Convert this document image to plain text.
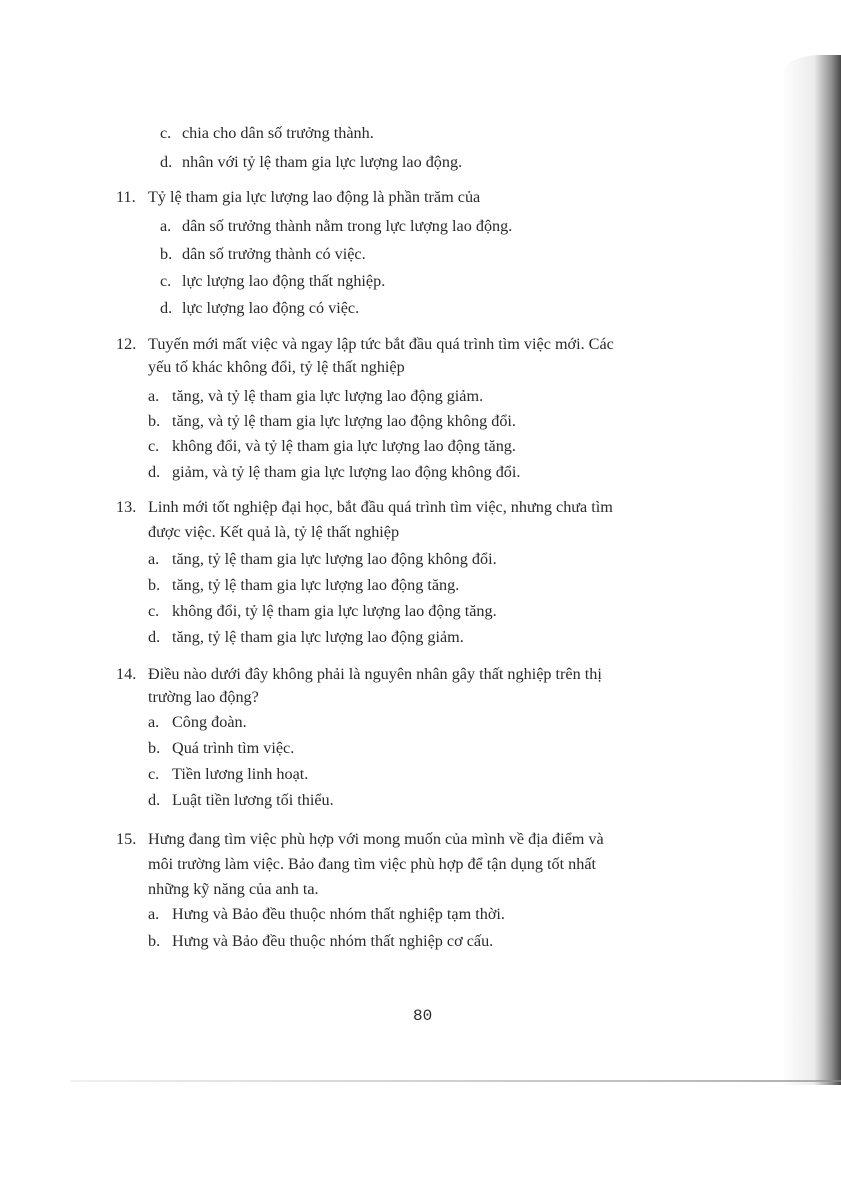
c. chia cho dân số trưởng thành.
d. nhân với tỷ lệ tham gia lực lượng lao động.
11. Tỷ lệ tham gia lực lượng lao động là phần trăm của
a. dân số trưởng thành nằm trong lực lượng lao động.
b. dân số trưởng thành có việc.
c. lực lượng lao động thất nghiệp.
d. lực lượng lao động có việc.
12. Tuyến mới mất việc và ngay lập tức bắt đầu quá trình tìm việc mới. Các
yếu tố khác không đổi, tỷ lệ thất nghiệp
a. tăng, và tỷ lệ tham gia lực lượng lao động giảm.
b. tăng, và tỷ lệ tham gia lực lượng lao động không đổi.
c. không đổi, và tỷ lệ tham gia lực lượng lao động tăng.
d. giảm, và tỷ lệ tham gia lực lượng lao động không đổi.
13. Linh mới tốt nghiệp đại học, bắt đầu quá trình tìm việc, nhưng chưa tìm
được việc. Kết quả là, tỷ lệ thất nghiệp
a. tăng, tỷ lệ tham gia lực lượng lao động không đổi.
b. tăng, tỷ lệ tham gia lực lượng lao động tăng.
c. không đổi, tỷ lệ tham gia lực lượng lao động tăng.
d. tăng, tỷ lệ tham gia lực lượng lao động giảm.
14. Điều nào dưới đây không phải là nguyên nhân gây thất nghiệp trên thị
trường lao động?
a. Công đoàn.
b. Quá trình tìm việc.
c. Tiền lương linh hoạt.
d. Luật tiền lương tối thiểu.
15. Hưng đang tìm việc phù hợp với mong muốn của mình về địa điểm và
môi trường làm việc. Bảo đang tìm việc phù hợp để tận dụng tốt nhất
những kỹ năng của anh ta.
a. Hưng và Bảo đều thuộc nhóm thất nghiệp tạm thời.
b. Hưng và Bảo đều thuộc nhóm thất nghiệp cơ cấu.
80
